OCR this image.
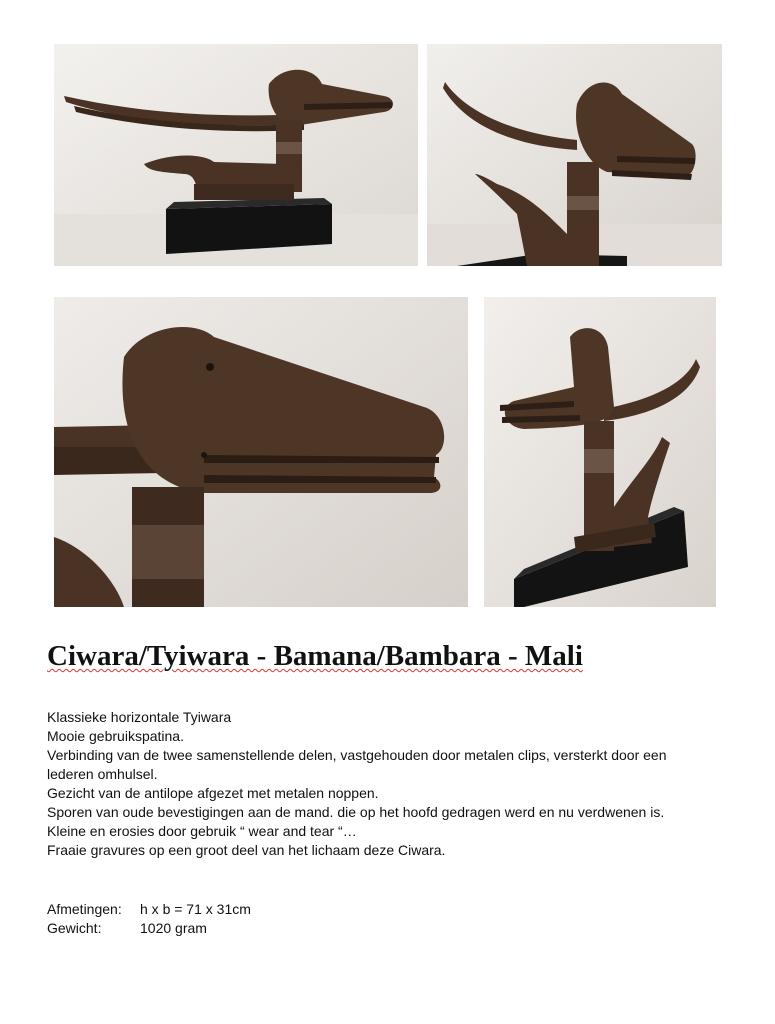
Ciwara/Tyiwara - Bamana/Bambara - Mali
Klassieke horizontale Tyiwara
Mooie gebruikspatina.
Verbinding van de twee samenstellende delen, vastgehouden door metalen clips, versterkt door een
lederen omhulsel.
Gezicht van de antilope afgezet met metalen noppen.
Sporen van oude bevestigingen aan de mand. die op het hoofd gedragen werd en nu verdwenen is.
Kleine en erosies door gebruik “ wear and tear “…
Fraaie gravures op een groot deel van het lichaam deze Ciwara.
Afmetingen:	h x b = 71 x 31cm
Gewicht:	1020 gram
